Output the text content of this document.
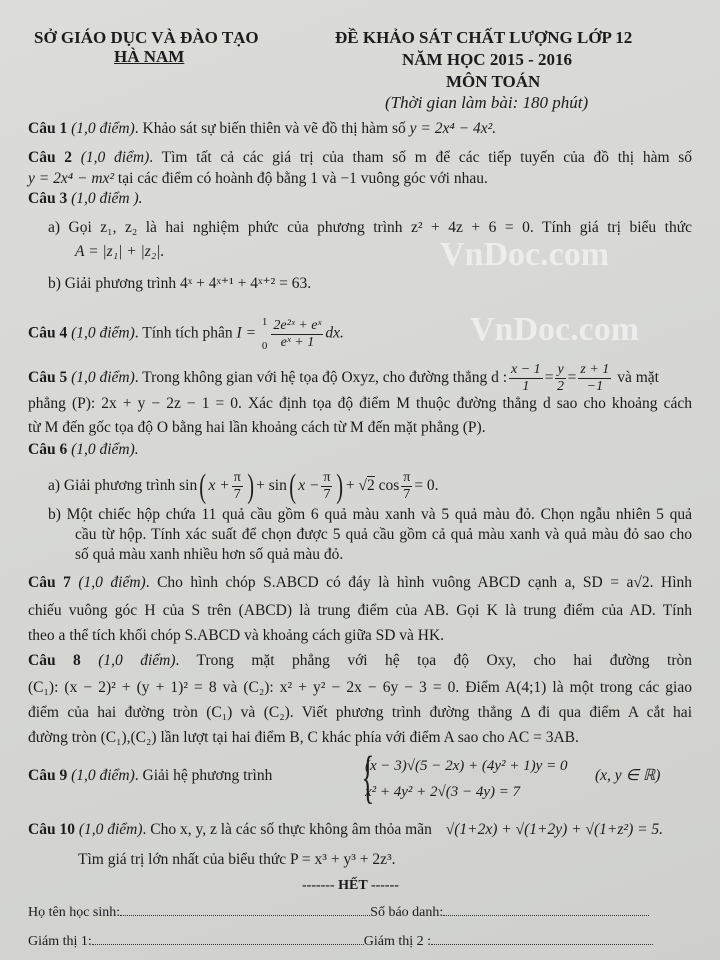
SỞ GIÁO DỤC VÀ ĐÀO TẠO
HÀ NAM
ĐỀ KHẢO SÁT CHẤT LƯỢNG LỚP 12
NĂM HỌC 2015 - 2016
MÔN TOÁN
(Thời gian làm bài: 180 phút)
VnDoc.com
VnDoc.com
Câu 1 (1,0 điểm). Khảo sát sự biến thiên và vẽ đồ thị hàm số y = 2x⁴ − 4x².
Câu 2 (1,0 điểm). Tìm tất cả các giá trị của tham số m để các tiếp tuyến của đồ thị hàm số
y = 2x⁴ − mx² tại các điểm có hoành độ bằng 1 và −1 vuông góc với nhau.
Câu 3 (1,0 điểm ).
a) Gọi z₁, z₂ là hai nghiệm phức của phương trình z² + 4z + 6 = 0. Tính giá trị biểu thức
A = |z₁| + |z₂|.
b) Giải phương trình 4ˣ + 4ˣ⁺¹ + 4ˣ⁺² = 63.
Câu 4 (1,0 điểm). Tính tích phân I =
1
$0 \frac{\text{2e²ˣ + eˣ}}{\text{eˣ + 1}}$ dx.
Câu 5 (1,0 điểm). Trong không gian với hệ tọa độ Oxyz, cho đường thẳng d : $\frac{x - 1}{1} = \frac{y}{2} = \frac{z + 1}{-1}$ và mặt
phẳng (P): 2x + y − 2z − 1 = 0. Xác định tọa độ điểm M thuộc đường thẳng d sao cho khoảng cách
từ M đến gốc tọa độ O bằng hai lần khoảng cách từ M đến mặt phẳng (P).
Câu 6 (1,0 điểm).
a) Giải phương trình sin( $x + \frac{\pi}{7}$ ) + sin( $x - \frac{\pi}{7}$ ) + √2 $\cos \frac{\pi}{7} = 0$.
b) Một chiếc hộp chứa 11 quả cầu gồm 6 quả màu xanh và 5 quả màu đỏ. Chọn ngẫu nhiên 5 quả
cầu từ hộp. Tính xác suất để chọn được 5 quả cầu gồm cả quả màu xanh và quả màu đỏ sao cho
số quả màu xanh nhiều hơn số quả màu đỏ.
Câu 7 (1,0 điểm). Cho hình chóp S.ABCD có đáy là hình vuông ABCD cạnh a, SD = a√2. Hình
chiếu vuông góc H của S trên (ABCD) là trung điểm của AB. Gọi K là trung điểm của AD. Tính
theo a thể tích khối chóp S.ABCD và khoảng cách giữa SD và HK.
Câu 8 (1,0 điểm). Trong mặt phẳng với hệ tọa độ Oxy, cho hai đường tròn
(C₁): (x − 2)² + (y + 1)² = 8 và (C₂): x² + y² − 2x − 6y − 3 = 0. Điểm A(4;1) là một trong các giao
điểm của hai đường tròn (C₁) và (C₂). Viết phương trình đường thẳng Δ đi qua điểm A cắt hai
đường tròn (C₁),(C₂) lần lượt tại hai điểm B, C khác phía với điểm A sao cho AC = 3AB.
Câu 9 (1,0 điểm). Giải hệ phương trình	{
(x − 3)√(5 − 2x) + (4y² + 1)y = 0
x² + 4y² + 2√(3 − 4y) = 7
(x, y ∈ ℝ)
Câu 10 (1,0 điểm). Cho x, y, z là các số thực không âm thỏa mãn √(1+2x) + √(1+2y) + √(1+z²) = 5.
Tìm giá trị lớn nhất của biểu thức P = x³ + y³ + 2z³.
------- HẾT ------
Họ tên học sinh:	Số báo danh:
Giám thị 1:	Giám thị 2 :
